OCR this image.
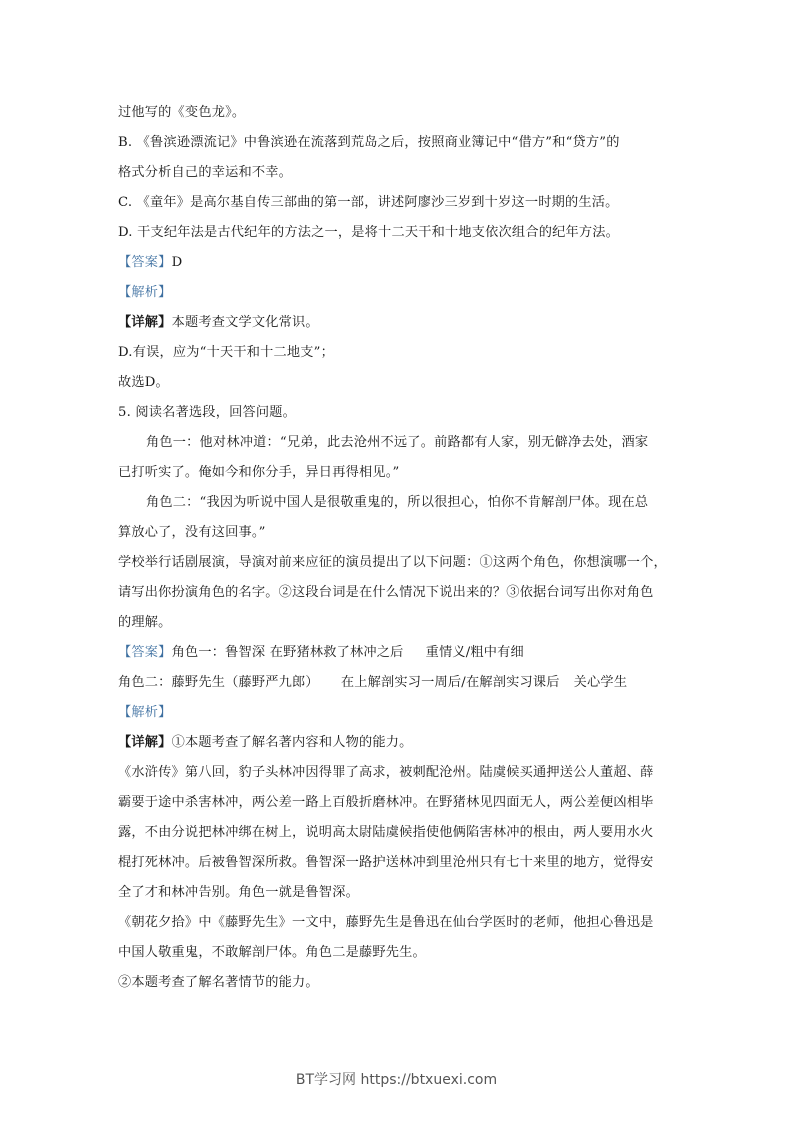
过他写的《变色龙》。
B. 《鲁滨逊漂流记》中鲁滨逊在流落到荒岛之后，按照商业簿记中“借方”和“贷方”的
格式分析自己的幸运和不幸。
C. 《童年》是高尔基自传三部曲的第一部，讲述阿廖沙三岁到十岁这一时期的生活。
D. 干支纪年法是古代纪年的方法之一，是将十二天干和十地支依次组合的纪年方法。
【答案】D
【解析】
【详解】本题考查文学文化常识。
D.有误，应为“十天干和十二地支”；
故选D。
5. 阅读名著选段，回答问题。
角色一：他对林冲道：“兄弟，此去沧州不远了。前路都有人家，别无僻净去处，酒家
已打听实了。俺如今和你分手，异日再得相见。”
角色二：“我因为听说中国人是很敬重鬼的，所以很担心，怕你不肯解剖尸体。现在总
算放心了，没有这回事。”
学校举行话剧展演，导演对前来应征的演员提出了以下问题：①这两个角色，你想演哪一个，
请写出你扮演角色的名字。②这段台词是在什么情况下说出来的？③依据台词写出你对角色
的理解。
【答案】角色一：鲁智深 在野猪林救了林冲之后 重情义/粗中有细
角色二：藤野先生（藤野严九郎） 在上解剖实习一周后/在解剖实习课后 关心学生
【解析】
【详解】①本题考查了解名著内容和人物的能力。
《水浒传》第八回，豹子头林冲因得罪了高求，被刺配沧州。陆虞候买通押送公人董超、薛
霸要于途中杀害林冲，两公差一路上百般折磨林冲。在野猪林见四面无人，两公差便凶相毕
露，不由分说把林冲绑在树上，说明高太尉陆虞候指使他俩陷害林冲的根由，两人要用水火
棍打死林冲。后被鲁智深所救。鲁智深一路护送林冲到里沧州只有七十来里的地方，觉得安
全了才和林冲告别。角色一就是鲁智深。
《朝花夕拾》中《藤野先生》一文中，藤野先生是鲁迅在仙台学医时的老师，他担心鲁迅是
中国人敬重鬼，不敢解剖尸体。角色二是藤野先生。
②本题考查了解名著情节的能力。
BT学习网 https://btxuexi.com
